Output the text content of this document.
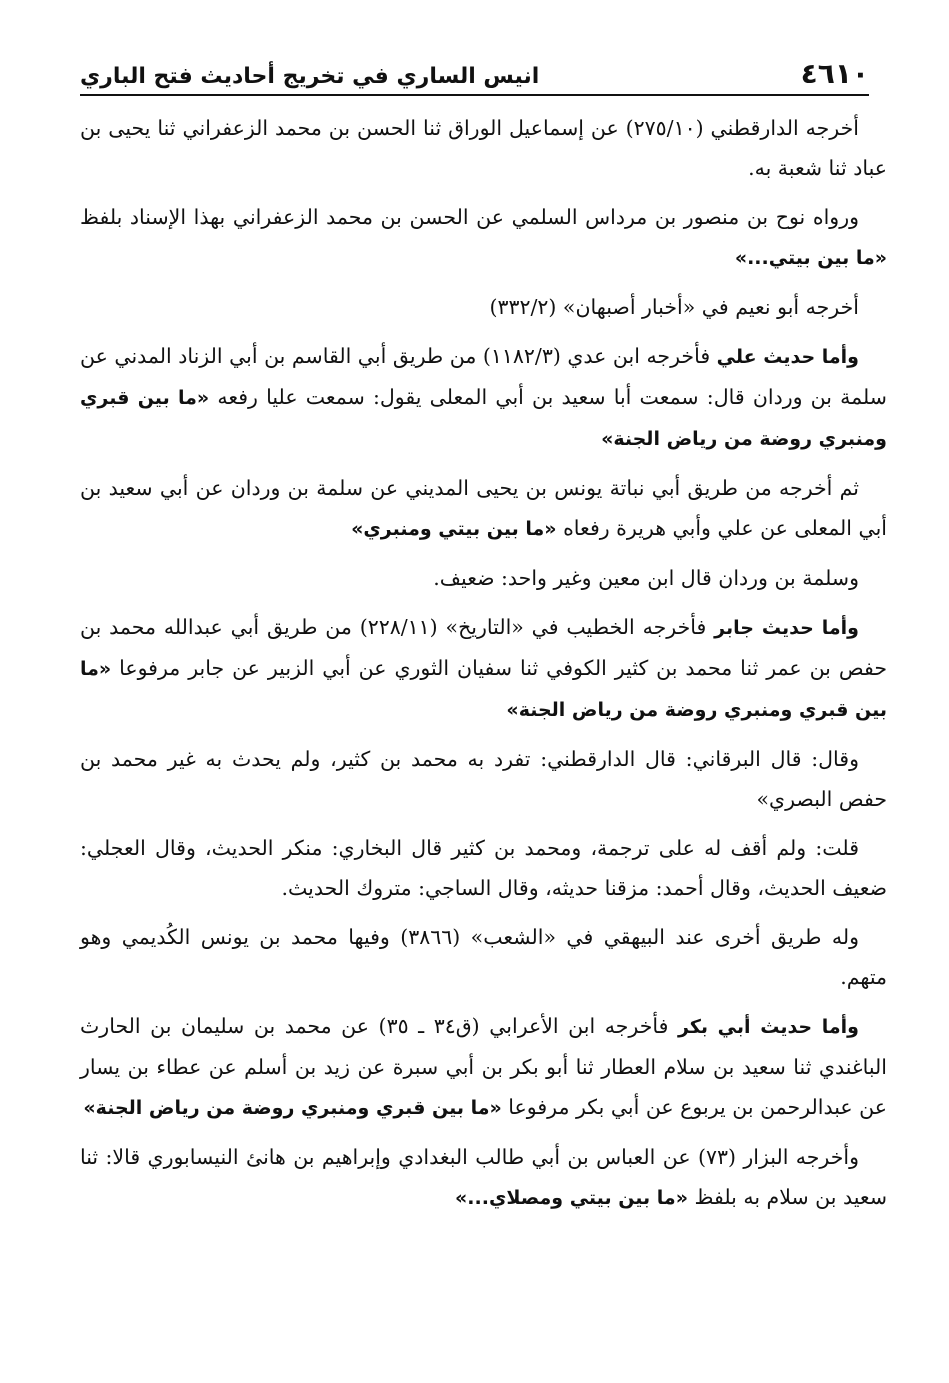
٤٦١٠
انيس الساري في تخريج أحاديث فتح الباري

أخرجه الدارقطني (٢٧٥/١٠) عن إسماعيل الوراق ثنا الحسن بن محمد الزعفراني ثنا يحيى بن عباد ثنا شعبة به.

ورواه نوح بن منصور بن مرداس السلمي عن الحسن بن محمد الزعفراني بهذا الإسناد بلفظ «ما بين بيتي...»

أخرجه أبو نعيم في «أخبار أصبهان» (٣٣٢/٢)

وأما حديث علي فأخرجه ابن عدي (١١٨٢/٣) من طريق أبي القاسم بن أبي الزناد المدني عن سلمة بن وردان قال: سمعت أبا سعيد بن أبي المعلى يقول: سمعت عليا رفعه «ما بين قبري ومنبري روضة من رياض الجنة»

ثم أخرجه من طريق أبي نباتة يونس بن يحيى المديني عن سلمة بن وردان عن أبي سعيد بن أبي المعلى عن علي وأبي هريرة رفعاه «ما بين بيتي ومنبري»

وسلمة بن وردان قال ابن معين وغير واحد: ضعيف.

وأما حديث جابر فأخرجه الخطيب في «التاريخ» (٢٢٨/١١) من طريق أبي عبدالله محمد بن حفص بن عمر ثنا محمد بن كثير الكوفي ثنا سفيان الثوري عن أبي الزبير عن جابر مرفوعا «ما بين قبري ومنبري روضة من رياض الجنة»

وقال: قال البرقاني: قال الدارقطني: تفرد به محمد بن كثير، ولم يحدث به غير محمد بن حفص البصري»

قلت: ولم أقف له على ترجمة، ومحمد بن كثير قال البخاري: منكر الحديث، وقال العجلي: ضعيف الحديث، وقال أحمد: مزقنا حديثه، وقال الساجي: متروك الحديث.

وله طريق أخرى عند البيهقي في «الشعب» (٣٨٦٦) وفيها محمد بن يونس الكُديمي وهو متهم.

وأما حديث أبي بكر فأخرجه ابن الأعرابي (ق٣٤ ـ ٣٥) عن محمد بن سليمان بن الحارث الباغندي ثنا سعيد بن سلام العطار ثنا أبو بكر بن أبي سبرة عن زيد بن أسلم عن عطاء بن يسار عن عبدالرحمن بن يربوع عن أبي بكر مرفوعا «ما بين قبري ومنبري روضة من رياض الجنة»

وأخرجه البزار (٧٣) عن العباس بن أبي طالب البغدادي وإبراهيم بن هانئ النيسابوري قالا: ثنا سعيد بن سلام به بلفظ «ما بين بيتي ومصلاي...»
